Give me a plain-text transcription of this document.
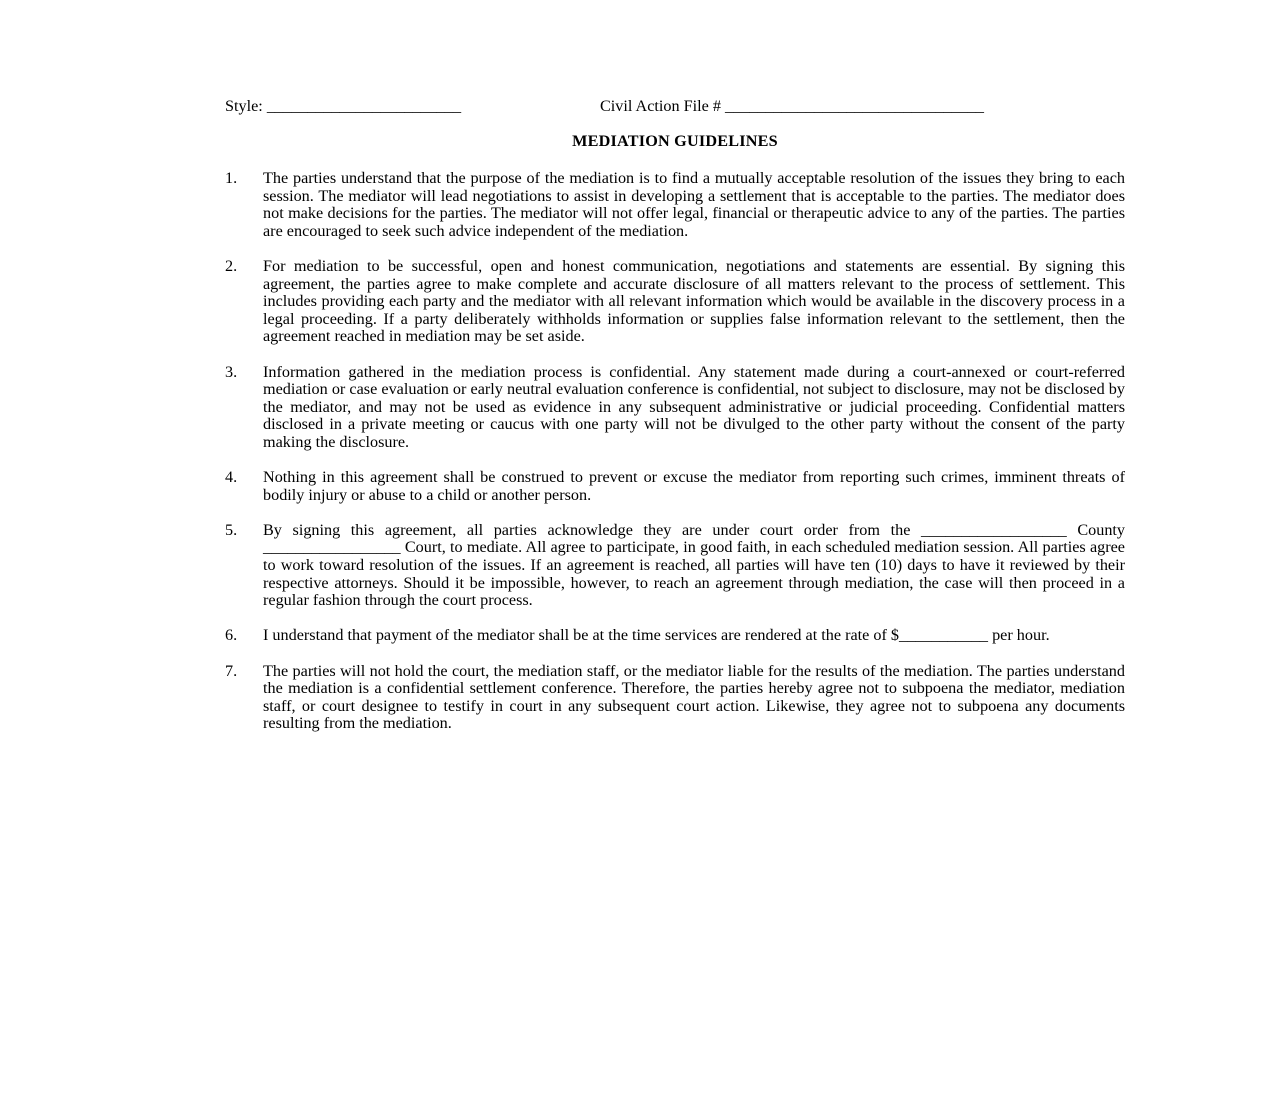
Style: ________________________	Civil Action File # ________________________________
MEDIATION GUIDELINES
1. The parties understand that the purpose of the mediation is to find a mutually acceptable resolution of the issues they bring to each session. The mediator will lead negotiations to assist in developing a settlement that is acceptable to the parties. The mediator does not make decisions for the parties. The mediator will not offer legal, financial or therapeutic advice to any of the parties. The parties are encouraged to seek such advice independent of the mediation.
2. For mediation to be successful, open and honest communication, negotiations and statements are essential. By signing this agreement, the parties agree to make complete and accurate disclosure of all matters relevant to the process of settlement. This includes providing each party and the mediator with all relevant information which would be available in the discovery process in a legal proceeding. If a party deliberately withholds information or supplies false information relevant to the settlement, then the agreement reached in mediation may be set aside.
3. Information gathered in the mediation process is confidential. Any statement made during a court-annexed or court-referred mediation or case evaluation or early neutral evaluation conference is confidential, not subject to disclosure, may not be disclosed by the mediator, and may not be used as evidence in any subsequent administrative or judicial proceeding. Confidential matters disclosed in a private meeting or caucus with one party will not be divulged to the other party without the consent of the party making the disclosure.
4. Nothing in this agreement shall be construed to prevent or excuse the mediator from reporting such crimes, imminent threats of bodily injury or abuse to a child or another person.
5. By signing this agreement, all parties acknowledge they are under court order from the __________________ County _________________ Court, to mediate. All agree to participate, in good faith, in each scheduled mediation session. All parties agree to work toward resolution of the issues. If an agreement is reached, all parties will have ten (10) days to have it reviewed by their respective attorneys. Should it be impossible, however, to reach an agreement through mediation, the case will then proceed in a regular fashion through the court process.
6. I understand that payment of the mediator shall be at the time services are rendered at the rate of $___________ per hour.
7. The parties will not hold the court, the mediation staff, or the mediator liable for the results of the mediation. The parties understand the mediation is a confidential settlement conference. Therefore, the parties hereby agree not to subpoena the mediator, mediation staff, or court designee to testify in court in any subsequent court action. Likewise, they agree not to subpoena any documents resulting from the mediation.
